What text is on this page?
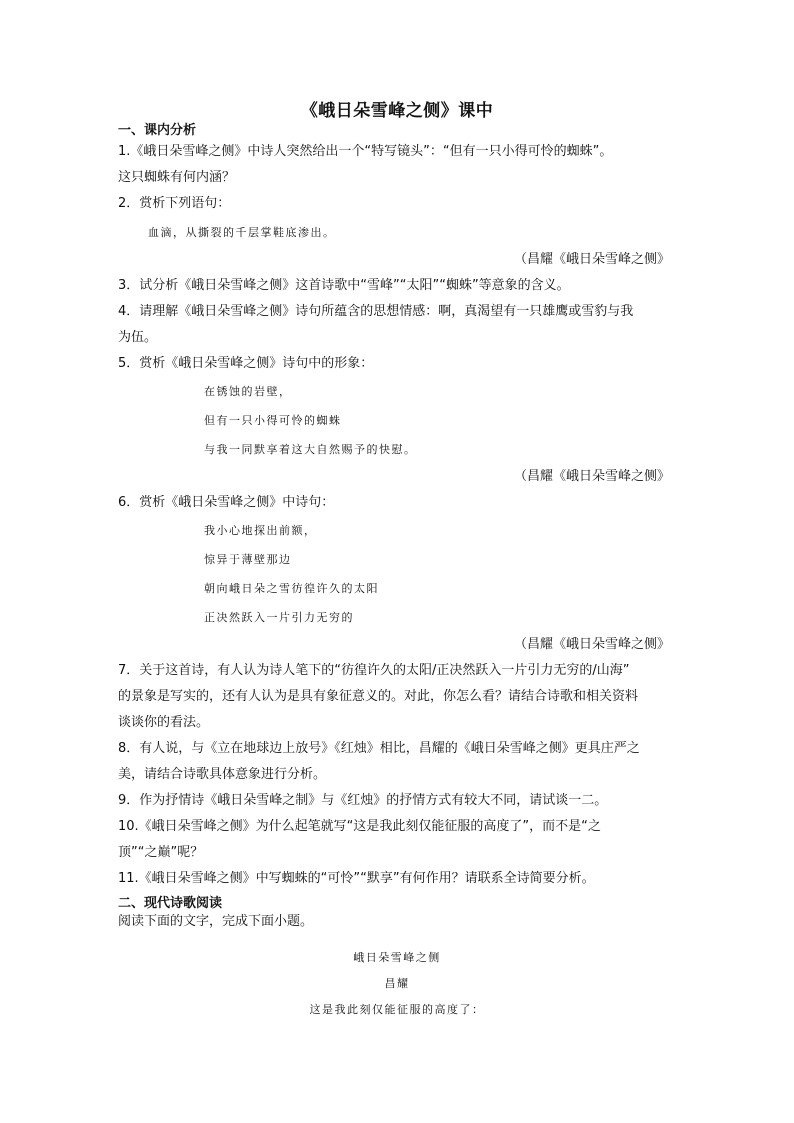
《峨日朵雪峰之侧》课中
一、课内分析
1.《峨日朵雪峰之侧》中诗人突然给出一个“特写镜头”：“但有一只小得可怜的蜘蛛”。
这只蜘蛛有何内涵？
2．赏析下列语句：
血滴，从撕裂的千层掌鞋底渗出。
（昌耀《峨日朵雪峰之侧》
3．试分析《峨日朵雪峰之侧》这首诗歌中“雪峰”“太阳”“蜘蛛”等意象的含义。
4．请理解《峨日朵雪峰之侧》诗句所蕴含的思想情感：啊，真渴望有一只雄鹰或雪豹与我
为伍。
5．赏析《峨日朵雪峰之侧》诗句中的形象：
在锈蚀的岩壁，
但有一只小得可怜的蜘蛛
与我一同默享着这大自然赐予的快慰。
（昌耀《峨日朵雪峰之侧》
6．赏析《峨日朵雪峰之侧》中诗句：
我小心地探出前额，
惊异于薄壁那边
朝向峨日朵之雪彷徨许久的太阳
正决然跃入一片引力无穷的
（昌耀《峨日朵雪峰之侧》
7．关于这首诗，有人认为诗人笔下的“彷徨许久的太阳/正决然跃入一片引力无穷的/山海”
的景象是写实的，还有人认为是具有象征意义的。对此，你怎么看？请结合诗歌和相关资料
谈谈你的看法。
8．有人说，与《立在地球边上放号》《红烛》相比，昌耀的《峨日朵雪峰之侧》更具庄严之
美，请结合诗歌具体意象进行分析。
9．作为抒情诗《峨日朵雪峰之制》与《红烛》的抒情方式有较大不同，请试谈一二。
10.《峨日朵雪峰之侧》为什么起笔就写“这是我此刻仅能征服的高度了”，而不是“之
顶”“之巅”呢？
11.《峨日朵雪峰之侧》中写蜘蛛的“可怜”“默享”有何作用？请联系全诗简要分析。
二、现代诗歌阅读
阅读下面的文字，完成下面小题。
峨日朵雪峰之侧
昌耀
这是我此刻仅能征服的高度了：
